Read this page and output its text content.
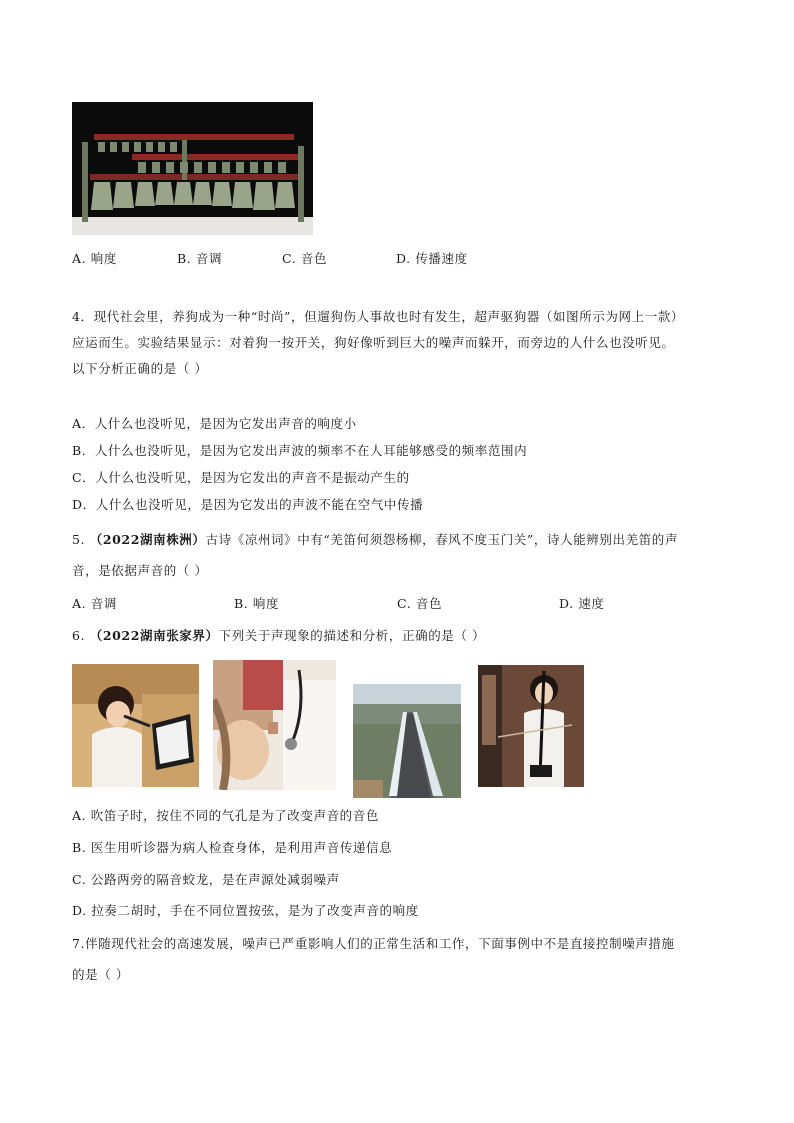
A. 响度	B. 音调	C. 音色	D. 传播速度
4．现代社会里，养狗成为一种“时尚”，但遛狗伤人事故也时有发生，超声驱狗器（如图所示为网上一款）
应运而生。实验结果显示：对着狗一按开关，狗好像听到巨大的噪声而躲开，而旁边的人什么也没听见。
以下分析正确的是（ ）
A．人什么也没听见，是因为它发出声音的响度小
B．人什么也没听见，是因为它发出声波的频率不在人耳能够感受的频率范围内
C．人什么也没听见，是因为它发出的声音不是振动产生的
D．人什么也没听见，是因为它发出的声波不能在空气中传播
5. （2022湖南株洲）古诗《凉州词》中有“羌笛何须怨杨柳，春风不度玉门关”，诗人能辨别出羌笛的声
音，是依据声音的（ ）
A. 音调	B. 响度	C. 音色	D. 速度
6. （2022湖南张家界）下列关于声现象的描述和分析，正确的是（ ）
A. 吹笛子时，按住不同的气孔是为了改变声音的音色
B. 医生用听诊器为病人检查身体，是利用声音传递信息
C. 公路两旁的隔音蛟龙，是在声源处减弱噪声
D. 拉奏二胡时，手在不同位置按弦，是为了改变声音的响度
7.伴随现代社会的高速发展，噪声已严重影响人们的正常生活和工作，下面事例中不是直接控制噪声措施
的是（ ）
